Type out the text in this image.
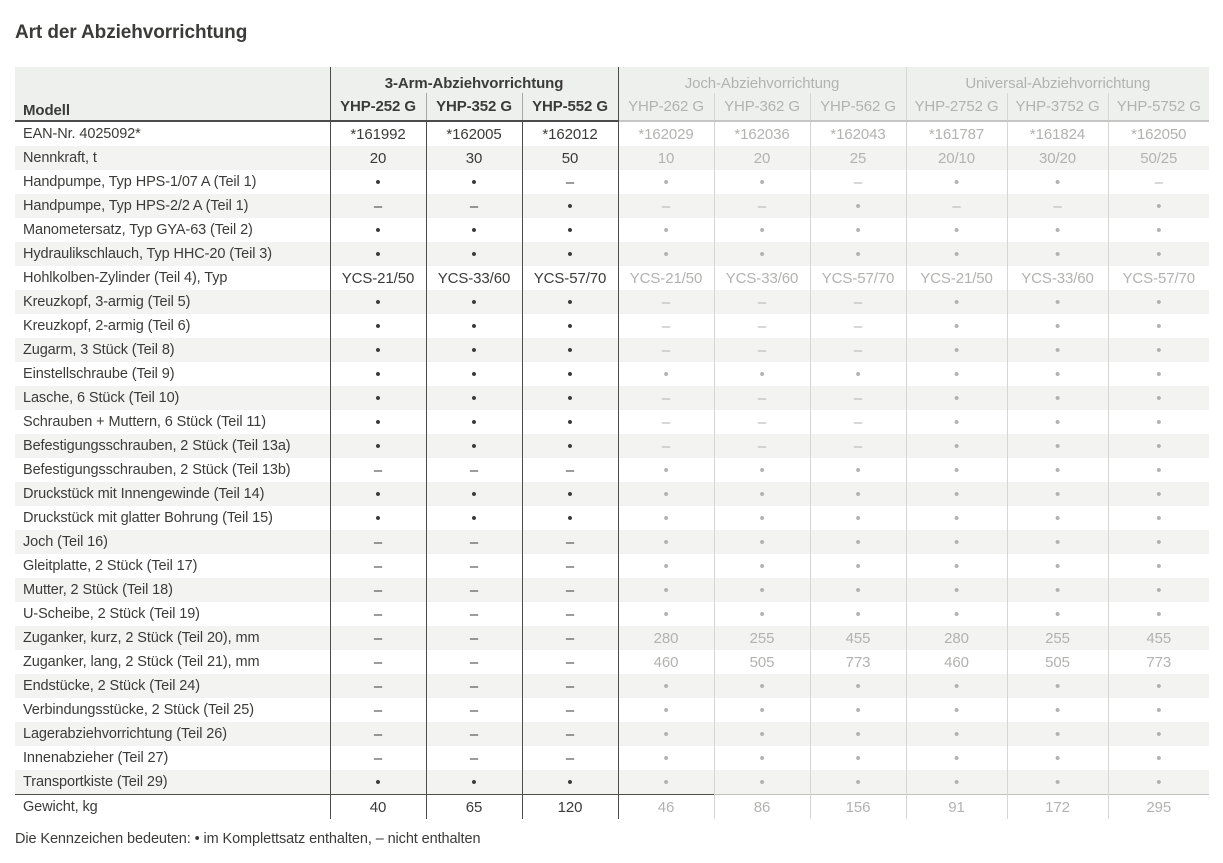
Art der Abziehvorrichtung
Modell	3-Arm-Abziehvorrichtung			Joch-Abziehvorrichtung			Universal-Abziehvorrichtung		
	YHP-252 G	YHP-352 G	YHP-552 G	YHP-262 G	YHP-362 G	YHP-562 G	YHP-2752 G	YHP-3752 G	YHP-5752 G
EAN-Nr. 4025092*	*161992	*162005	*162012	*162029	*162036	*162043	*161787	*161824	*162050
Nennkraft, t	20	30	50	10	20	25	20/10	30/20	50/25
Handpumpe, Typ HPS-1/07 A (Teil 1)	•	•	–	•	•	–	•	•	–
Handpumpe, Typ HPS-2/2 A (Teil 1)	–	–	•	–	–	•	–	–	•
Manometersatz, Typ GYA-63 (Teil 2)	•	•	•	•	•	•	•	•	•
Hydraulikschlauch, Typ HHC-20 (Teil 3)	•	•	•	•	•	•	•	•	•
Hohlkolben-Zylinder (Teil 4), Typ	YCS-21/50	YCS-33/60	YCS-57/70	YCS-21/50	YCS-33/60	YCS-57/70	YCS-21/50	YCS-33/60	YCS-57/70
Kreuzkopf, 3-armig (Teil 5)	•	•	•	–	–	–	•	•	•
Kreuzkopf, 2-armig (Teil 6)	•	•	•	–	–	–	•	•	•
Zugarm, 3 Stück (Teil 8)	•	•	•	–	–	–	•	•	•
Einstellschraube (Teil 9)	•	•	•	•	•	•	•	•	•
Lasche, 6 Stück (Teil 10)	•	•	•	–	–	–	•	•	•
Schrauben + Muttern, 6 Stück (Teil 11)	•	•	•	–	–	–	•	•	•
Befestigungsschrauben, 2 Stück (Teil 13a)	•	•	•	–	–	–	•	•	•
Befestigungsschrauben, 2 Stück (Teil 13b)	–	–	–	•	•	•	•	•	•
Druckstück mit Innengewinde (Teil 14)	•	•	•	•	•	•	•	•	•
Druckstück mit glatter Bohrung (Teil 15)	•	•	•	•	•	•	•	•	•
Joch (Teil 16)	–	–	–	•	•	•	•	•	•
Gleitplatte, 2 Stück (Teil 17)	–	–	–	•	•	•	•	•	•
Mutter, 2 Stück (Teil 18)	–	–	–	•	•	•	•	•	•
U-Scheibe, 2 Stück (Teil 19)	–	–	–	•	•	•	•	•	•
Zuganker, kurz, 2 Stück (Teil 20), mm	–	–	–	280	255	455	280	255	455
Zuganker, lang, 2 Stück (Teil 21), mm	–	–	–	460	505	773	460	505	773
Endstücke, 2 Stück (Teil 24)	–	–	–	•	•	•	•	•	•
Verbindungsstücke, 2 Stück (Teil 25)	–	–	–	•	•	•	•	•	•
Lagerabziehvorrichtung (Teil 26)	–	–	–	•	•	•	•	•	•
Innenabzieher (Teil 27)	–	–	–	•	•	•	•	•	•
Transportkiste (Teil 29)	•	•	•	•	•	•	•	•	•
Gewicht, kg	40	65	120	46	86	156	91	172	295
Die Kennzeichen bedeuten: • im Komplettsatz enthalten, – nicht enthalten
